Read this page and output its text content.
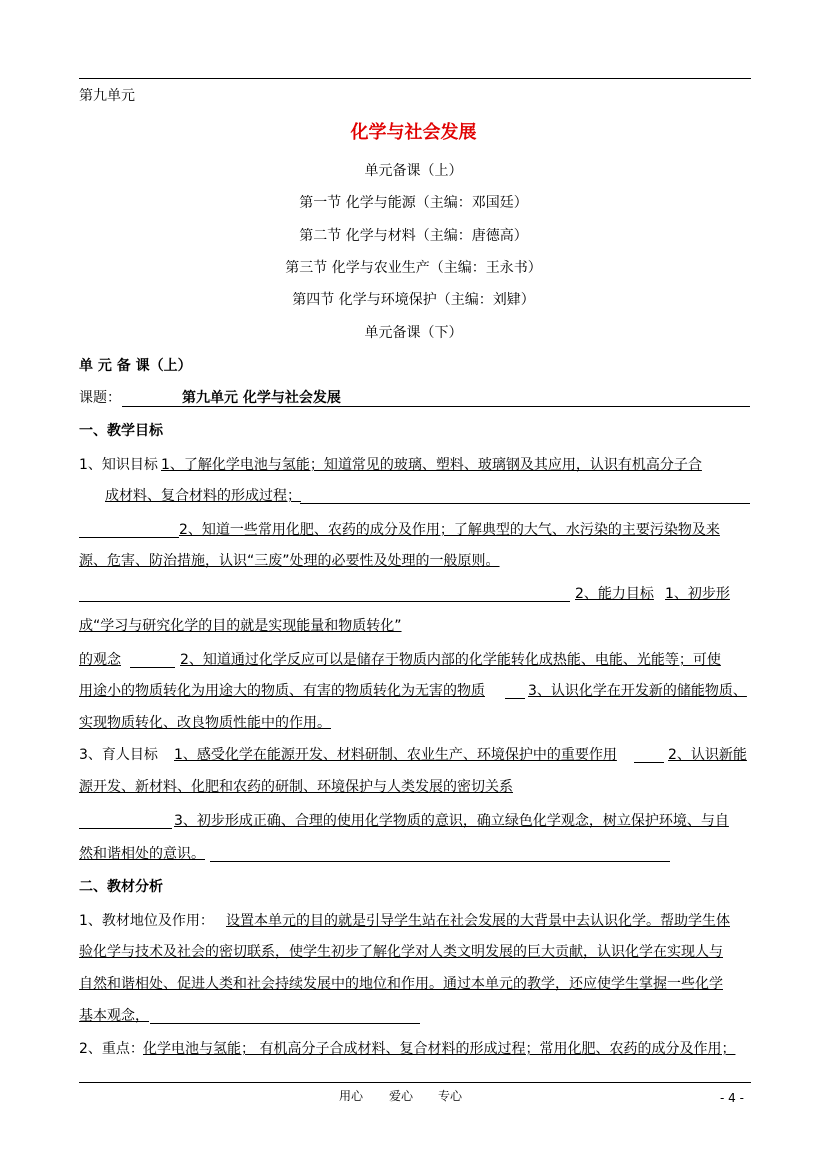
第九单元
化学与社会发展
单元备课（上）
第一节 化学与能源（主编：邓国廷）
第二节 化学与材料（主编：唐德高）
第三节 化学与农业生产（主编：王永书）
第四节 化学与环境保护（主编：刘肄）
单元备课（下）
单 元 备 课（上）
课题：	第九单元 化学与社会发展
一、教学目标
1、知识目标 1、了解化学电池与氢能；知道常见的玻璃、塑料、玻璃钢及其应用，认识有机高分子合
成材料、复合材料的形成过程；
2、知道一些常用化肥、农药的成分及作用；了解典型的大气、水污染的主要污染物及来
源、危害、防治措施，认识“三废”处理的必要性及处理的一般原则。
2、能力目标 1、初步形
成“学习与研究化学的目的就是实现能量和物质转化”
的观念	2、知道通过化学反应可以是储存于物质内部的化学能转化成热能、电能、光能等；可使
用途小的物质转化为用途大的物质、有害的物质转化为无害的物质	3、认识化学在开发新的储能物质、
实现物质转化、改良物质性能中的作用。
3、育人目标 1、感受化学在能源开发、材料研制、农业生产、环境保护中的重要作用	2、认识新能
源开发、新材料、化肥和农药的研制、环境保护与人类发展的密切关系
3、初步形成正确、合理的使用化学物质的意识，确立绿色化学观念，树立保护环境、与自
然和谐相处的意识。
二、教材分析
1、教材地位及作用： 设置本单元的目的就是引导学生站在社会发展的大背景中去认识化学。帮助学生体
验化学与技术及社会的密切联系，使学生初步了解化学对人类文明发展的巨大贡献，认识化学在实现人与
自然和谐相处、促进人类和社会持续发展中的地位和作用。通过本单元的教学，还应使学生掌握一些化学
基本观念，
2、重点： 化学电池与氢能； 有机高分子合成材料、复合材料的形成过程；常用化肥、农药的成分及作用；
用心 爱心 专心	- 4 -
